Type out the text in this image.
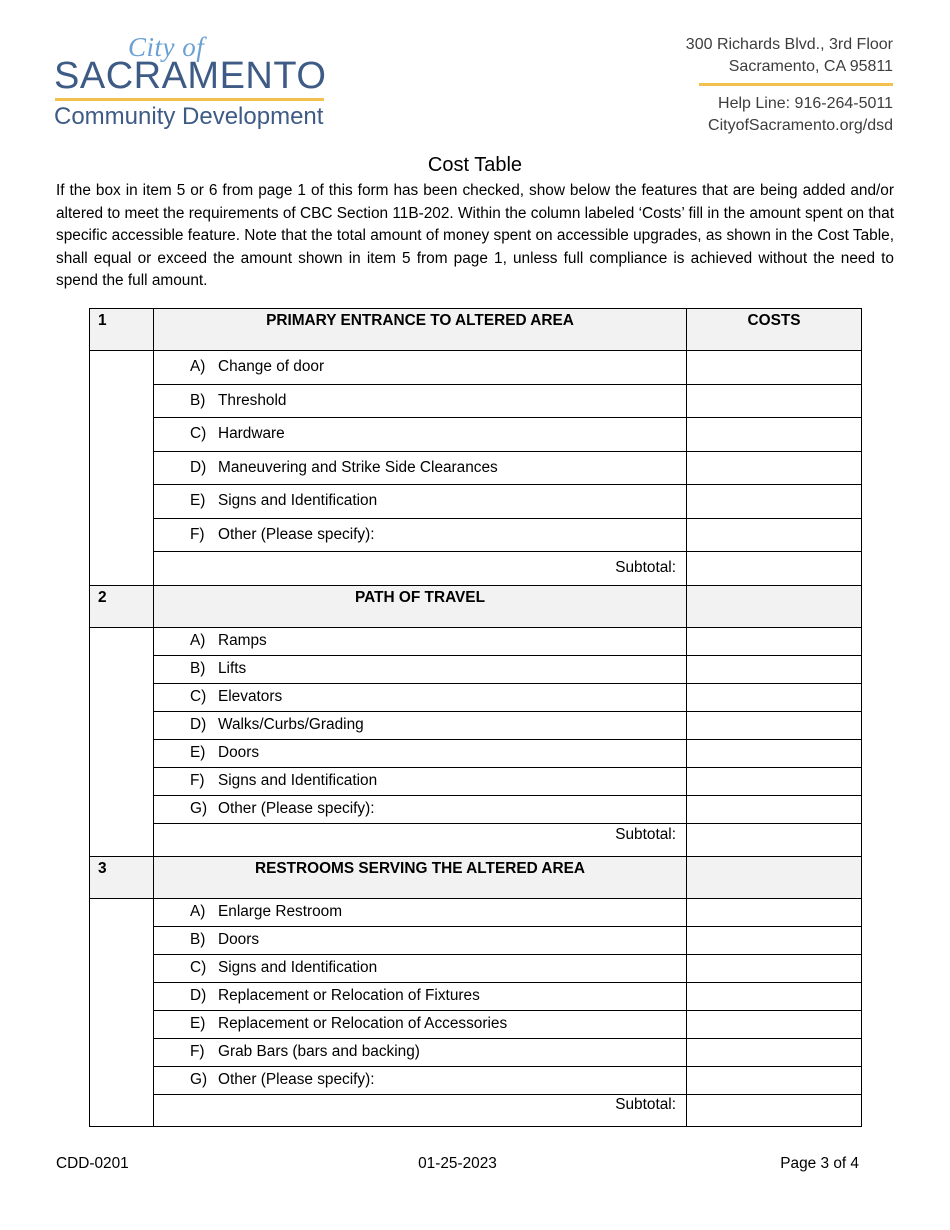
City of
SACRAMENTO
Community Development
300 Richards Blvd., 3rd Floor
Sacramento, CA 95811
Help Line: 916-264-5011
CityofSacramento.org/dsd
Cost Table
If the box in item 5 or 6 from page 1 of this form has been checked, show below the features that are being added and/or altered to meet the requirements of CBC Section 11B-202. Within the column labeled ‘Costs’ fill in the amount spent on that specific accessible feature. Note that the total amount of money spent on accessible upgrades, as shown in the Cost Table, shall equal or exceed the amount shown in item 5 from page 1, unless full compliance is achieved without the need to spend the full amount.
1	PRIMARY ENTRANCE TO ALTERED AREA	COSTS
	A) Change of door	
	B) Threshold	
	C) Hardware	
	D) Maneuvering and Strike Side Clearances	
	E) Signs and Identification	
	F) Other (Please specify):	
	Subtotal:	
2	PATH OF TRAVEL	
	A) Ramps	
	B) Lifts	
	C) Elevators	
	D) Walks/Curbs/Grading	
	E) Doors	
	F) Signs and Identification	
	G) Other (Please specify):	
	Subtotal:	
3	RESTROOMS SERVING THE ALTERED AREA	
	A) Enlarge Restroom	
	B) Doors	
	C) Signs and Identification	
	D) Replacement or Relocation of Fixtures	
	E) Replacement or Relocation of Accessories	
	F) Grab Bars (bars and backing)	
	G) Other (Please specify):	
	Subtotal:	
CDD-0201	01-25-2023	Page 3 of 4
